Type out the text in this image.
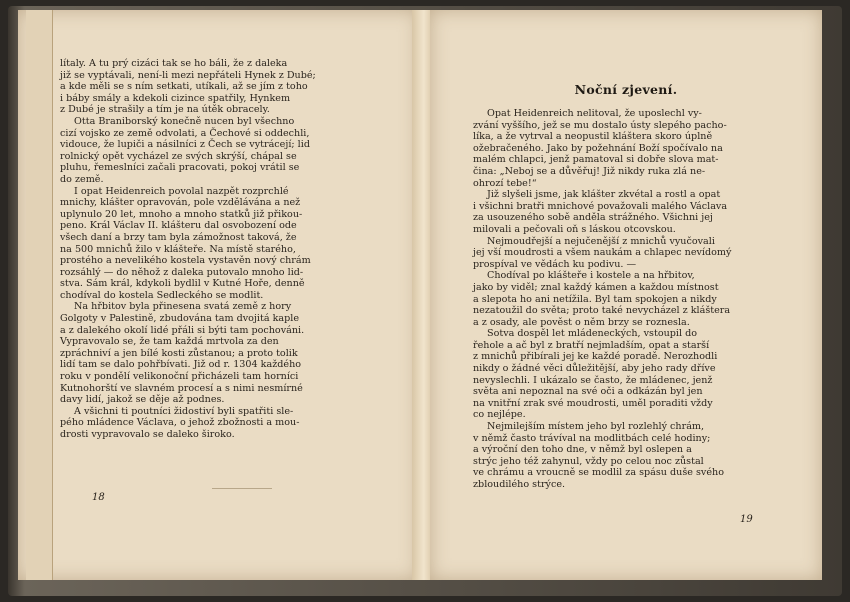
Noční zjevení.
Opat Heidenreich nelitoval, že uposlechl vy-
zvání vyššího, jež se mu dostalo ústy slepého pacho-
líka, a že vytrval a neopustil kláštera skoro úplně
ožebračeného. Jako by požehnání Boží spočívalo na
malém chlapci, jenž pamatoval si dobře slova mat-
čina: „Neboj se a důvěřuj! Již nikdy ruka zlá ne-
ohrozí tebe!“
Již slyšeli jsme, jak klášter zkvétal a rostl a opat
i všichni bratři mnichové považovali malého Václava
za usouzeného sobě anděla strážného. Všichni jej
milovali a pečovali oň s láskou otcovskou.
Nejmoudřejší a nejučenější z mnichů vyučovali
jej vší moudrosti a všem naukám a chlapec nevídomý
prospíval ve vědách ku podivu. —
Chodíval po klášteře i kostele a na hřbitov,
jako by viděl; znal každý kámen a každou místnost
a slepota ho ani netížila. Byl tam spokojen a nikdy
nezatoužil do světa; proto také nevycházel z kláštera
a z osady, ale pověst o něm brzy se roznesla.
Sotva dospěl let mládeneckých, vstoupil do
řehole a ač byl z bratří nejmladším, opat a starší
z mnichů přibírali jej ke každé poradě. Nerozhodli
nikdy o žádné věci důležitější, aby jeho rady dříve
nevyslechli. I ukázalo se často, že mládenec, jenž
světa ani nepoznal na své oči a odkázán byl jen
na vnitřní zrak své moudrosti, uměl poraditi vždy
co nejlépe.
Nejmilejším místem jeho byl rozlehlý chrám,
v němž často trávíval na modlitbách celé hodiny;
a výroční den toho dne, v němž byl oslepen a
strýc jeho též zahynul, vždy po celou noc zůstal
ve chrámu a vroucně se modlil za spásu duše svého
zbloudilého strýce.
19
lítaly. A tu prý cizáci tak se ho báli, že z daleka
již se vyptávali, není-li mezi nepřáteli Hynek z Dubé;
a kde měli se s ním setkati, utíkali, až se jím z toho
i báby smály a kdekoli cizince spatřily, Hynkem
z Dubé je strašily a tím je na útěk obracely.
Otta Braniborský konečně nucen byl všechno
cizí vojsko ze země odvolati, a Čechové si oddechli,
vidouce, že lupiči a násilníci z Čech se vytrácejí; lid
rolnický opět vycházel ze svých skrýší, chápal se
pluhu, řemeslníci začali pracovati, pokoj vrátil se
do země.
I opat Heidenreich povolal nazpět rozprchlé
mnichy, klášter opravován, pole vzdělávána a než
uplynulo 20 let, mnoho a mnoho statků již přikou-
peno. Král Václav II. klášteru dal osvobození ode
všech daní a brzy tam byla zámožnost taková, že
na 500 mnichů žilo v klášteře. Na místě starého,
prostého a nevelikého kostela vystavěn nový chrám
rozsáhlý — do něhož z daleka putovalo mnoho lid-
stva. Sám král, kdykoli bydlil v Kutné Hoře, denně
chodíval do kostela Sedleckého se modlit.
Na hřbitov byla přinesena svatá země z hory
Golgoty v Palestině, zbudována tam dvojitá kaple
a z dalekého okolí lidé přáli si býti tam pochováni.
Vypravovalo se, že tam každá mrtvola za den
zpráchniví a jen bílé kosti zůstanou; a proto tolik
lidí tam se dalo pohřbívati. Již od r. 1304 každého
roku v pondělí velikonoční přicházeli tam horníci
Kutnohorští ve slavném procesí a s nimi nesmírné
davy lidí, jakož se děje až podnes.
A všichni ti poutníci židostiví byli spatřiti sle-
pého mládence Václava, o jehož zbožnosti a mou-
drosti vypravovalo se daleko široko.
18
